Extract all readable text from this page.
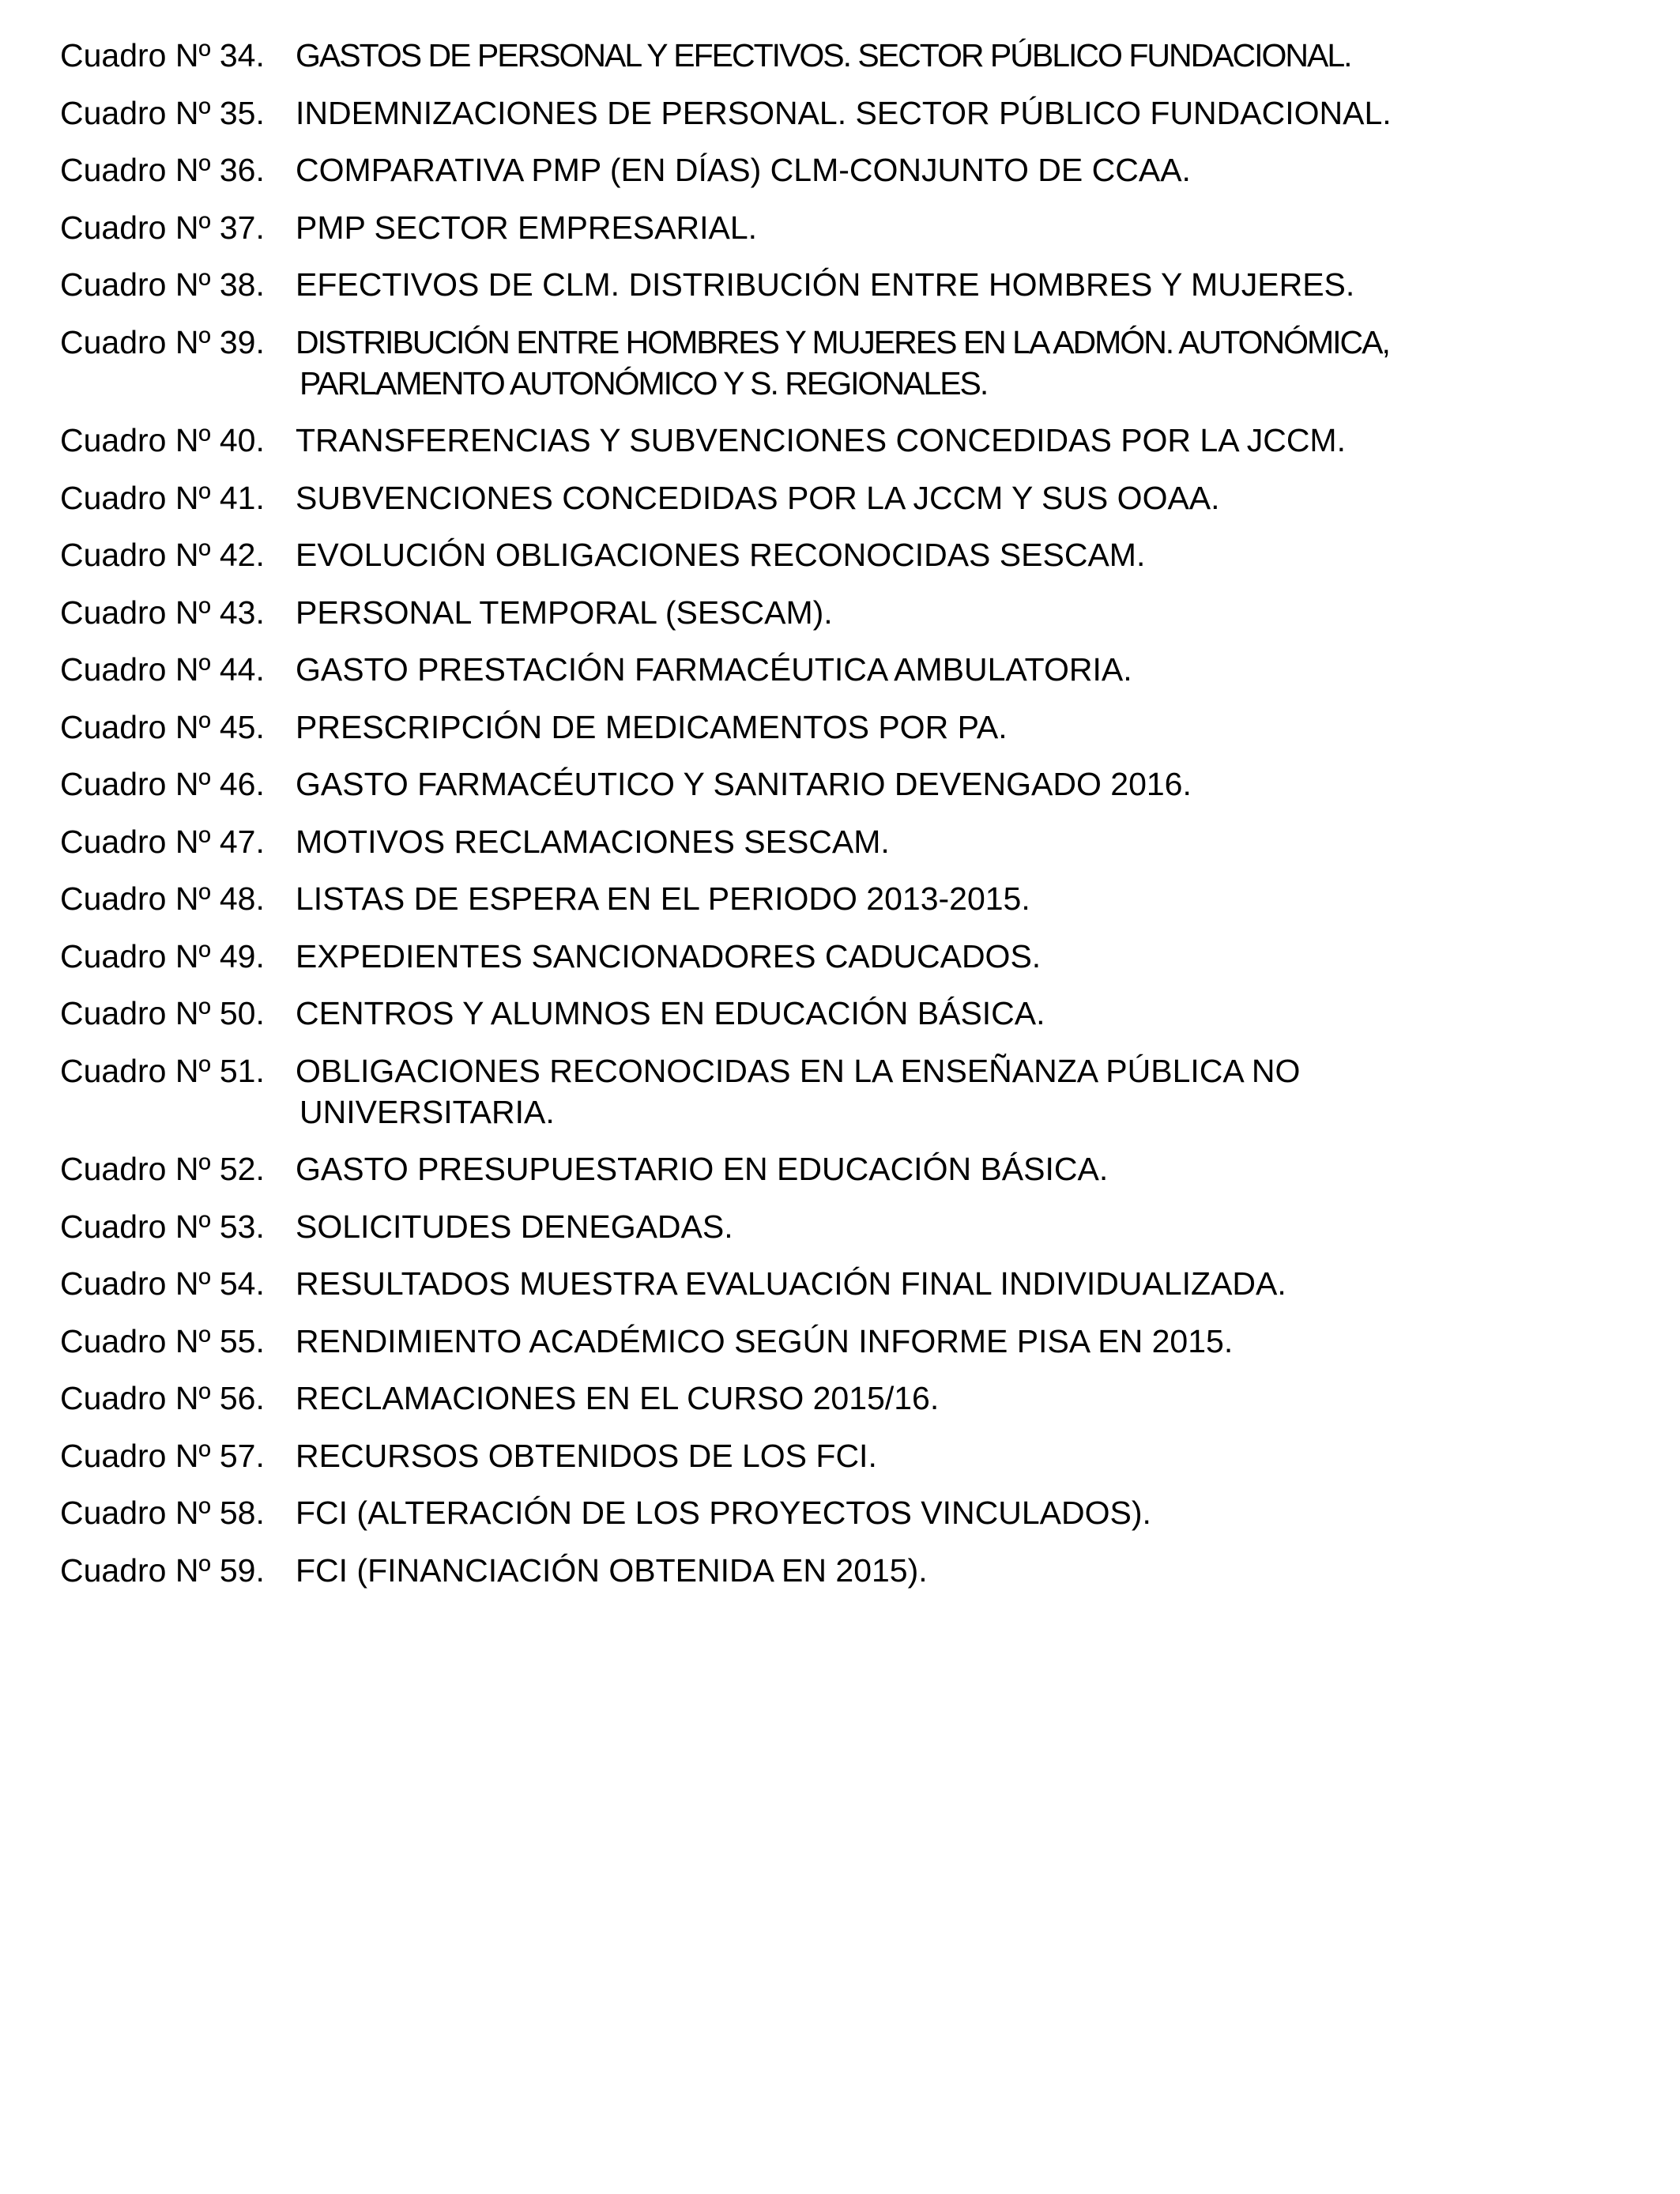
Cuadro Nº 34. GASTOS DE PERSONAL Y EFECTIVOS. SECTOR PÚBLICO FUNDACIONAL.
Cuadro Nº 35. INDEMNIZACIONES DE PERSONAL. SECTOR PÚBLICO FUNDACIONAL.
Cuadro Nº 36. COMPARATIVA PMP (EN DÍAS) CLM-CONJUNTO DE CCAA.
Cuadro Nº 37. PMP SECTOR EMPRESARIAL.
Cuadro Nº 38. EFECTIVOS DE CLM. DISTRIBUCIÓN ENTRE HOMBRES Y MUJERES.
Cuadro Nº 39. DISTRIBUCIÓN ENTRE HOMBRES Y MUJERES EN LA ADMÓN. AUTONÓMICA,
PARLAMENTO AUTONÓMICO Y S. REGIONALES.
Cuadro Nº 40. TRANSFERENCIAS Y SUBVENCIONES CONCEDIDAS POR LA JCCM.
Cuadro Nº 41. SUBVENCIONES CONCEDIDAS POR LA JCCM Y SUS OOAA.
Cuadro Nº 42. EVOLUCIÓN OBLIGACIONES RECONOCIDAS SESCAM.
Cuadro Nº 43. PERSONAL TEMPORAL (SESCAM).
Cuadro Nº 44. GASTO PRESTACIÓN FARMACÉUTICA AMBULATORIA.
Cuadro Nº 45. PRESCRIPCIÓN DE MEDICAMENTOS POR PA.
Cuadro Nº 46. GASTO FARMACÉUTICO Y SANITARIO DEVENGADO 2016.
Cuadro Nº 47. MOTIVOS RECLAMACIONES SESCAM.
Cuadro Nº 48. LISTAS DE ESPERA EN EL PERIODO 2013-2015.
Cuadro Nº 49. EXPEDIENTES SANCIONADORES CADUCADOS.
Cuadro Nº 50. CENTROS Y ALUMNOS EN EDUCACIÓN BÁSICA.
Cuadro Nº 51. OBLIGACIONES RECONOCIDAS EN LA ENSEÑANZA PÚBLICA NO
UNIVERSITARIA.
Cuadro Nº 52. GASTO PRESUPUESTARIO EN EDUCACIÓN BÁSICA.
Cuadro Nº 53. SOLICITUDES DENEGADAS.
Cuadro Nº 54. RESULTADOS MUESTRA EVALUACIÓN FINAL INDIVIDUALIZADA.
Cuadro Nº 55. RENDIMIENTO ACADÉMICO SEGÚN INFORME PISA EN 2015.
Cuadro Nº 56. RECLAMACIONES EN EL CURSO 2015/16.
Cuadro Nº 57. RECURSOS OBTENIDOS DE LOS FCI.
Cuadro Nº 58. FCI (ALTERACIÓN DE LOS PROYECTOS VINCULADOS).
Cuadro Nº 59. FCI (FINANCIACIÓN OBTENIDA EN 2015).
